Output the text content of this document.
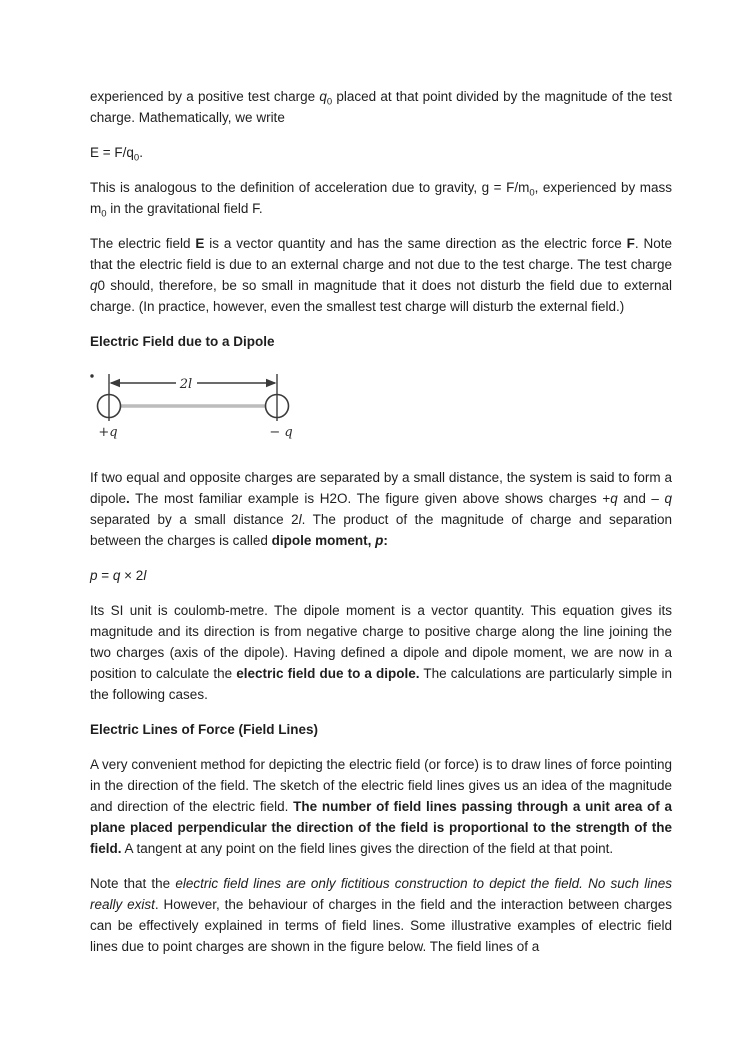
experienced by a positive test charge $q_0$ placed at that point divided by the magnitude of the test charge. Mathematically, we write

$E = F/q_0$.

This is analogous to the definition of acceleration due to gravity, $g = F/m_0$, experienced by mass $m_0$ in the gravitational field F.

The electric field E is a vector quantity and has the same direction as the electric force F. Note that the electric field is due to an external charge and not due to the test charge. The test charge q0 should, therefore, be so small in magnitude that it does not disturb the field due to external charge. (In practice, however, even the smallest test charge will disturb the external field.)

Electric Field due to a Dipole
2l
+q	− q

If two equal and opposite charges are separated by a small distance, the system is said to form a dipole. The most familiar example is H2O. The figure given above shows charges +q and – q separated by a small distance 2l. The product of the magnitude of charge and separation between the charges is called dipole moment, p:

p = q × 2l

Its SI unit is coulomb-metre. The dipole moment is a vector quantity. This equation gives its magnitude and its direction is from negative charge to positive charge along the line joining the two charges (axis of the dipole). Having defined a dipole and dipole moment, we are now in a position to calculate the electric field due to a dipole. The calculations are particularly simple in the following cases.

Electric Lines of Force (Field Lines)

A very convenient method for depicting the electric field (or force) is to draw lines of force pointing in the direction of the field. The sketch of the electric field lines gives us an idea of the magnitude and direction of the electric field. The number of field lines passing through a unit area of a plane placed perpendicular the direction of the field is proportional to the strength of the field. A tangent at any point on the field lines gives the direction of the field at that point.

Note that the electric field lines are only fictitious construction to depict the field. No such lines really exist. However, the behaviour of charges in the field and the interaction between charges can be effectively explained in terms of field lines. Some illustrative examples of electric field lines due to point charges are shown in the figure below. The field lines of a
